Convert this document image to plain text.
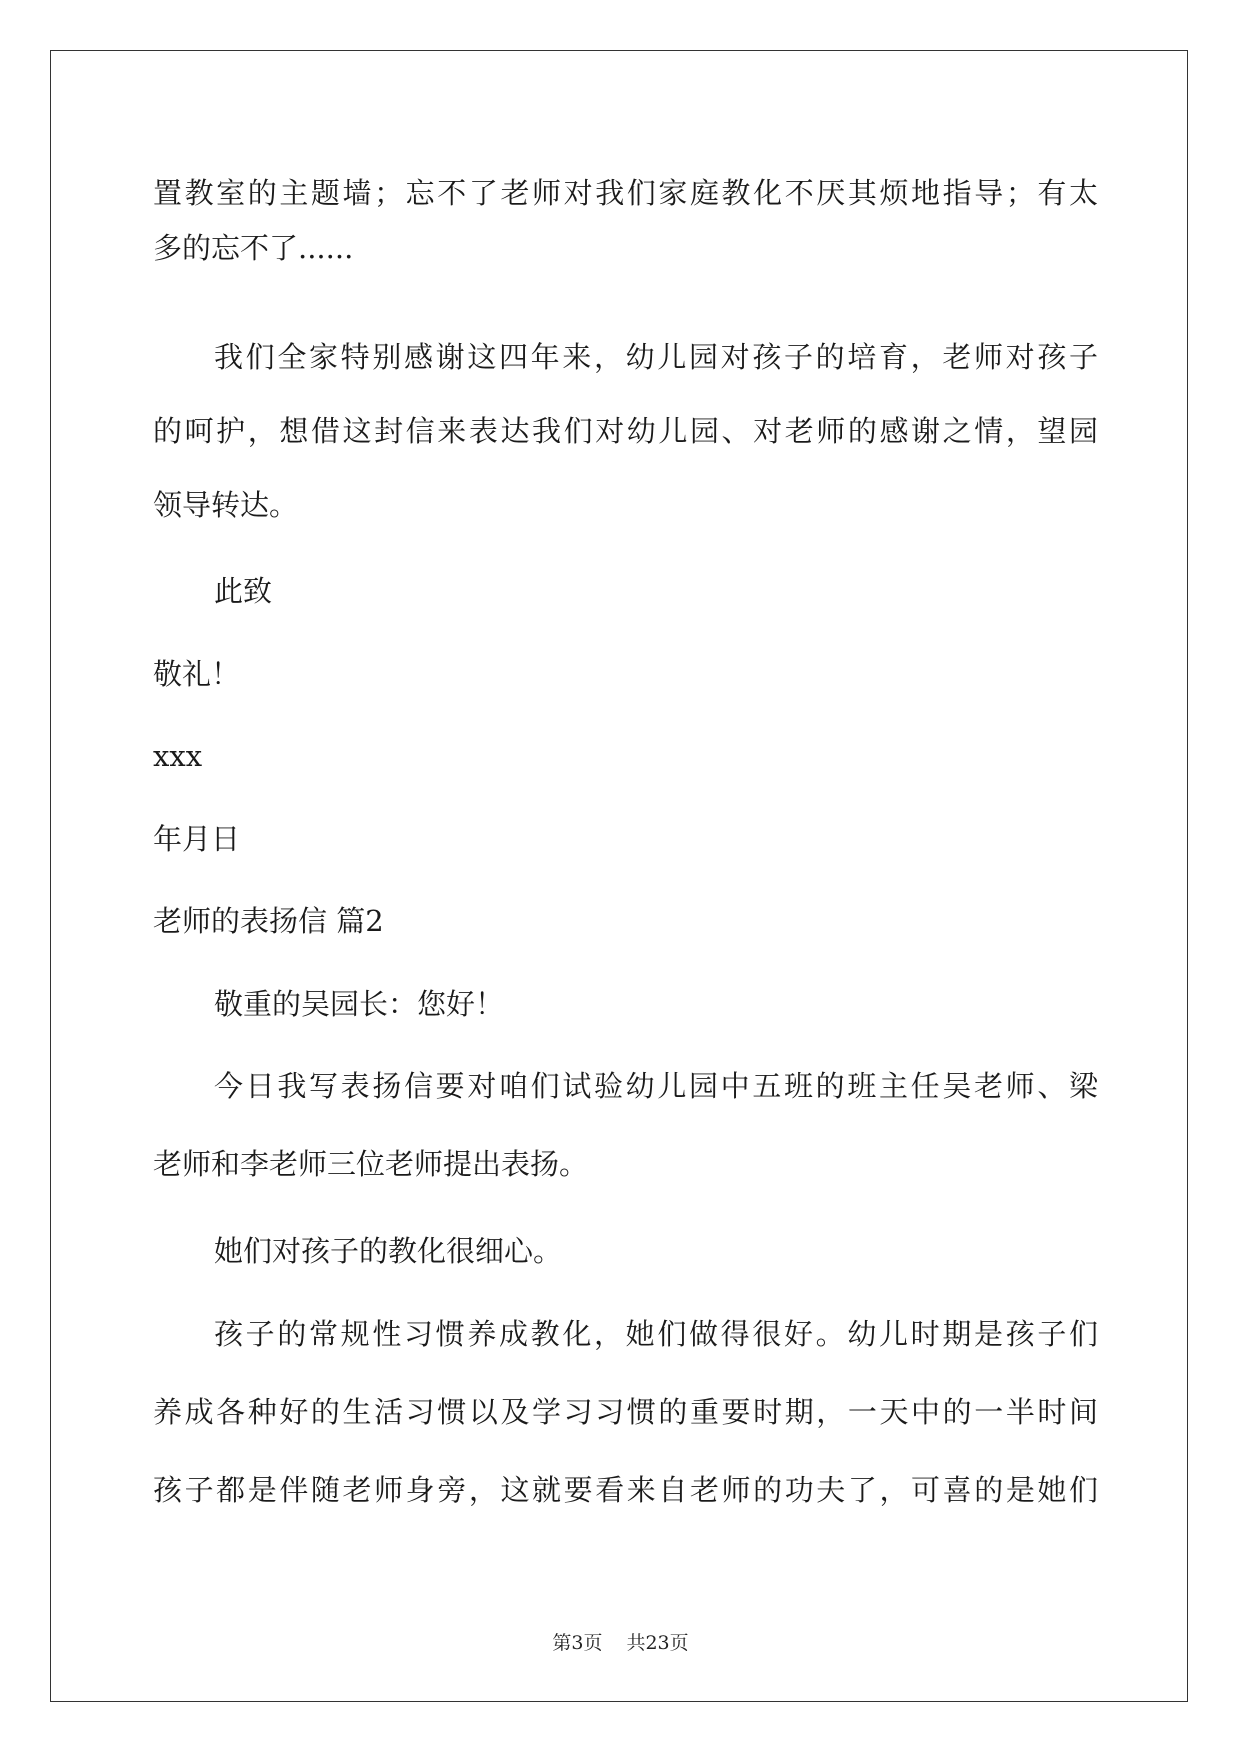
置教室的主题墙；忘不了老师对我们家庭教化不厌其烦地指导；有太
多的忘不了......
我们全家特别感谢这四年来，幼儿园对孩子的培育，老师对孩子
的呵护，想借这封信来表达我们对幼儿园、对老师的感谢之情，望园
领导转达。
此致
敬礼！
xxx
年月日
老师的表扬信 篇2
敬重的吴园长：您好！
今日我写表扬信要对咱们试验幼儿园中五班的班主任吴老师、梁
老师和李老师三位老师提出表扬。
她们对孩子的教化很细心。
孩子的常规性习惯养成教化，她们做得很好。幼儿时期是孩子们
养成各种好的生活习惯以及学习习惯的重要时期，一天中的一半时间
孩子都是伴随老师身旁，这就要看来自老师的功夫了，可喜的是她们
第3页 共23页
